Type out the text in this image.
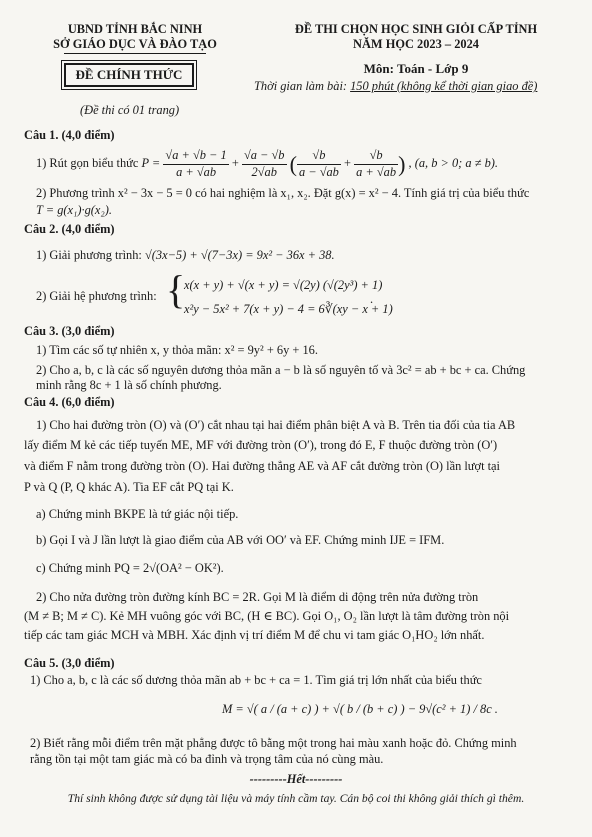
UBND TỈNH BẮC NINH
SỞ GIÁO DỤC VÀ ĐÀO TẠO
ĐỀ CHÍNH THỨC
ĐỀ THI CHỌN HỌC SINH GIỎI CẤP TỈNH
NĂM HỌC 2023 – 2024
Môn: Toán - Lớp 9
Thời gian làm bài: 150 phút (không kể thời gian giao đề)
(Đề thi có 01 trang)
Câu 1. (4,0 điểm)
1) Rút gọn biểu thức $P = \frac{√a + √b - 1}{a + √ab} + \frac{√a - √b}{2√ab}$ ( $\frac{√b}{a - √ab} + \frac{√b}{a + √ab}$ ) , (a, b > 0; a ≠ b).
2) Phương trình x² − 3x − 5 = 0 có hai nghiệm là x₁, x₂. Đặt g(x) = x² − 4. Tính giá trị của biểu thức
T = g(x₁)·g(x₂).
Câu 2. (4,0 điểm)
1) Giải phương trình: √(3x−5) + √(7−3x) = 9x² − 36x + 38.
2) Giải hệ phương trình: {
x(x + y) + √(x + y) = √(2y) (√(2y³) + 1)
x²y − 5x² + 7(x + y) − 4 = 6∛(xy − x + 1)
.
Câu 3. (3,0 điểm)
1) Tìm các số tự nhiên x, y thỏa mãn: x² = 9y² + 6y + 16.
2) Cho a, b, c là các số nguyên dương thỏa mãn a − b là số nguyên tố và 3c² = ab + bc + ca. Chứng
minh rằng 8c + 1 là số chính phương.
Câu 4. (6,0 điểm)
1) Cho hai đường tròn (O) và (O′) cắt nhau tại hai điểm phân biệt A và B. Trên tia đối của tia AB
lấy điểm M kẻ các tiếp tuyến ME, MF với đường tròn (O′), trong đó E, F thuộc đường tròn (O′)
và điểm F nằm trong đường tròn (O). Hai đường thẳng AE và AF cắt đường tròn (O) lần lượt tại
P và Q (P, Q khác A). Tia EF cắt PQ tại K.
a) Chứng minh BKPE là tứ giác nội tiếp.
b) Gọi I và J lần lượt là giao điểm của AB với OO′ và EF. Chứng minh IJE = IFM.
c) Chứng minh PQ = 2√(OA² − OK²).
2) Cho nửa đường tròn đường kính BC = 2R. Gọi M là điểm di động trên nửa đường tròn
(M ≠ B; M ≠ C). Kẻ MH vuông góc với BC, (H ∈ BC). Gọi O₁, O₂ lần lượt là tâm đường tròn nội
tiếp các tam giác MCH và MBH. Xác định vị trí điểm M để chu vi tam giác O₁HO₂ lớn nhất.
Câu 5. (3,0 điểm)
1) Cho a, b, c là các số dương thỏa mãn ab + bc + ca = 1. Tìm giá trị lớn nhất của biểu thức
M = √( a / (a + c) ) + √( b / (b + c) ) − 9√(c² + 1) / 8c .
2) Biết rằng mỗi điểm trên mặt phẳng được tô bằng một trong hai màu xanh hoặc đỏ. Chứng minh
rằng tồn tại một tam giác mà có ba đỉnh và trọng tâm của nó cùng màu.
---------Hết---------
Thí sinh không được sử dụng tài liệu và máy tính cầm tay. Cán bộ coi thi không giải thích gì thêm.
